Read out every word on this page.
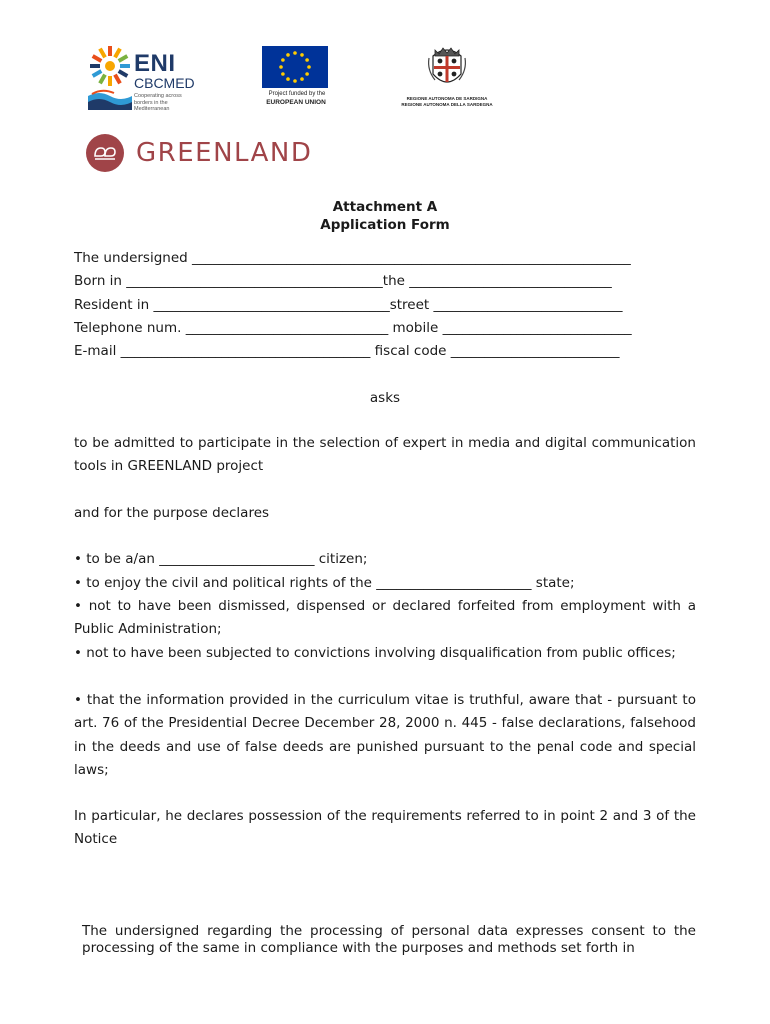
ENI
CBCMED
Cooperating across borders in the Mediterranean
Project funded by the
EUROPEAN UNION
REGIONE AUTONOMA DE SARDIGNA
REGIONE AUTONOMA DELLA SARDEGNA
GREENLAND
Attachment A
Application Form
The undersigned _________________________________________________________________
Born in ______________________________________the ______________________________
Resident in ___________________________________street ____________________________
Telephone num. ______________________________ mobile ____________________________
E-mail _____________________________________ fiscal code _________________________
asks
to be admitted to participate in the selection of expert in media and digital communication tools in GREENLAND project
and for the purpose declares
• to be a/an _______________________ citizen;
• to enjoy the civil and political rights of the _______________________ state;
• not to have been dismissed, dispensed or declared forfeited from employment with a Public Administration;
• not to have been subjected to convictions involving disqualification from public offices;
• that the information provided in the curriculum vitae is truthful, aware that - pursuant to art. 76 of the Presidential Decree December 28, 2000 n. 445 - false declarations, falsehood in the deeds and use of false deeds are punished pursuant to the penal code and special laws;
In particular, he declares possession of the requirements referred to in point 2 and 3 of the Notice
The undersigned regarding the processing of personal data expresses consent to the processing of the same in compliance with the purposes and methods set forth in
